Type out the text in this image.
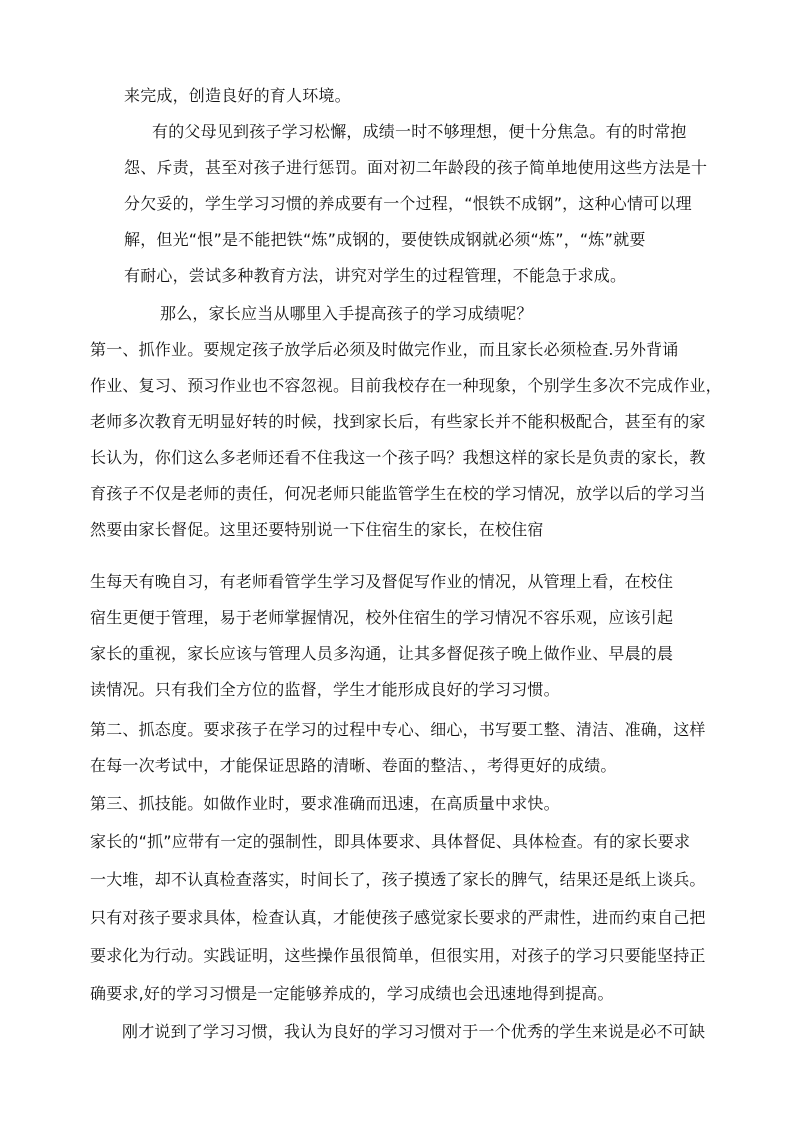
来完成，创造良好的育人环境。
有的父母见到孩子学习松懈，成绩一时不够理想，便十分焦急。有的时常抱
怨、斥责，甚至对孩子进行惩罚。面对初二年龄段的孩子简单地使用这些方法是十
分欠妥的，学生学习习惯的养成要有一个过程，“恨铁不成钢”，这种心情可以理
解，但光“恨”是不能把铁“炼”成钢的，要使铁成钢就必须“炼”，“炼”就要
有耐心，尝试多种教育方法，讲究对学生的过程管理，不能急于求成。
那么，家长应当从哪里入手提高孩子的学习成绩呢？
第一、抓作业。要规定孩子放学后必须及时做完作业，而且家长必须检查.另外背诵
作业、复习、预习作业也不容忽视。目前我校存在一种现象，个别学生多次不完成作业，
老师多次教育无明显好转的时候，找到家长后，有些家长并不能积极配合，甚至有的家
长认为，你们这么多老师还看不住我这一个孩子吗？我想这样的家长是负责的家长，教
育孩子不仅是老师的责任，何况老师只能监管学生在校的学习情况，放学以后的学习当
然要由家长督促。这里还要特别说一下住宿生的家长，在校住宿
生每天有晚自习，有老师看管学生学习及督促写作业的情况，从管理上看，在校住
宿生更便于管理，易于老师掌握情况，校外住宿生的学习情况不容乐观，应该引起
家长的重视，家长应该与管理人员多沟通，让其多督促孩子晚上做作业、早晨的晨
读情况。只有我们全方位的监督，学生才能形成良好的学习习惯。
第二、抓态度。要求孩子在学习的过程中专心、细心，书写要工整、清洁、准确，这样
在每一次考试中，才能保证思路的清晰、卷面的整洁、，考得更好的成绩。
第三、抓技能。如做作业时，要求准确而迅速，在高质量中求快。
家长的“抓”应带有一定的强制性，即具体要求、具体督促、具体检查。有的家长要求
一大堆，却不认真检查落实，时间长了，孩子摸透了家长的脾气，结果还是纸上谈兵。
只有对孩子要求具体，检查认真，才能使孩子感觉家长要求的严肃性，进而约束自己把
要求化为行动。实践证明，这些操作虽很简单，但很实用，对孩子的学习只要能坚持正
确要求,好的学习习惯是一定能够养成的，学习成绩也会迅速地得到提高。
刚才说到了学习习惯，我认为良好的学习习惯对于一个优秀的学生来说是必不可缺
